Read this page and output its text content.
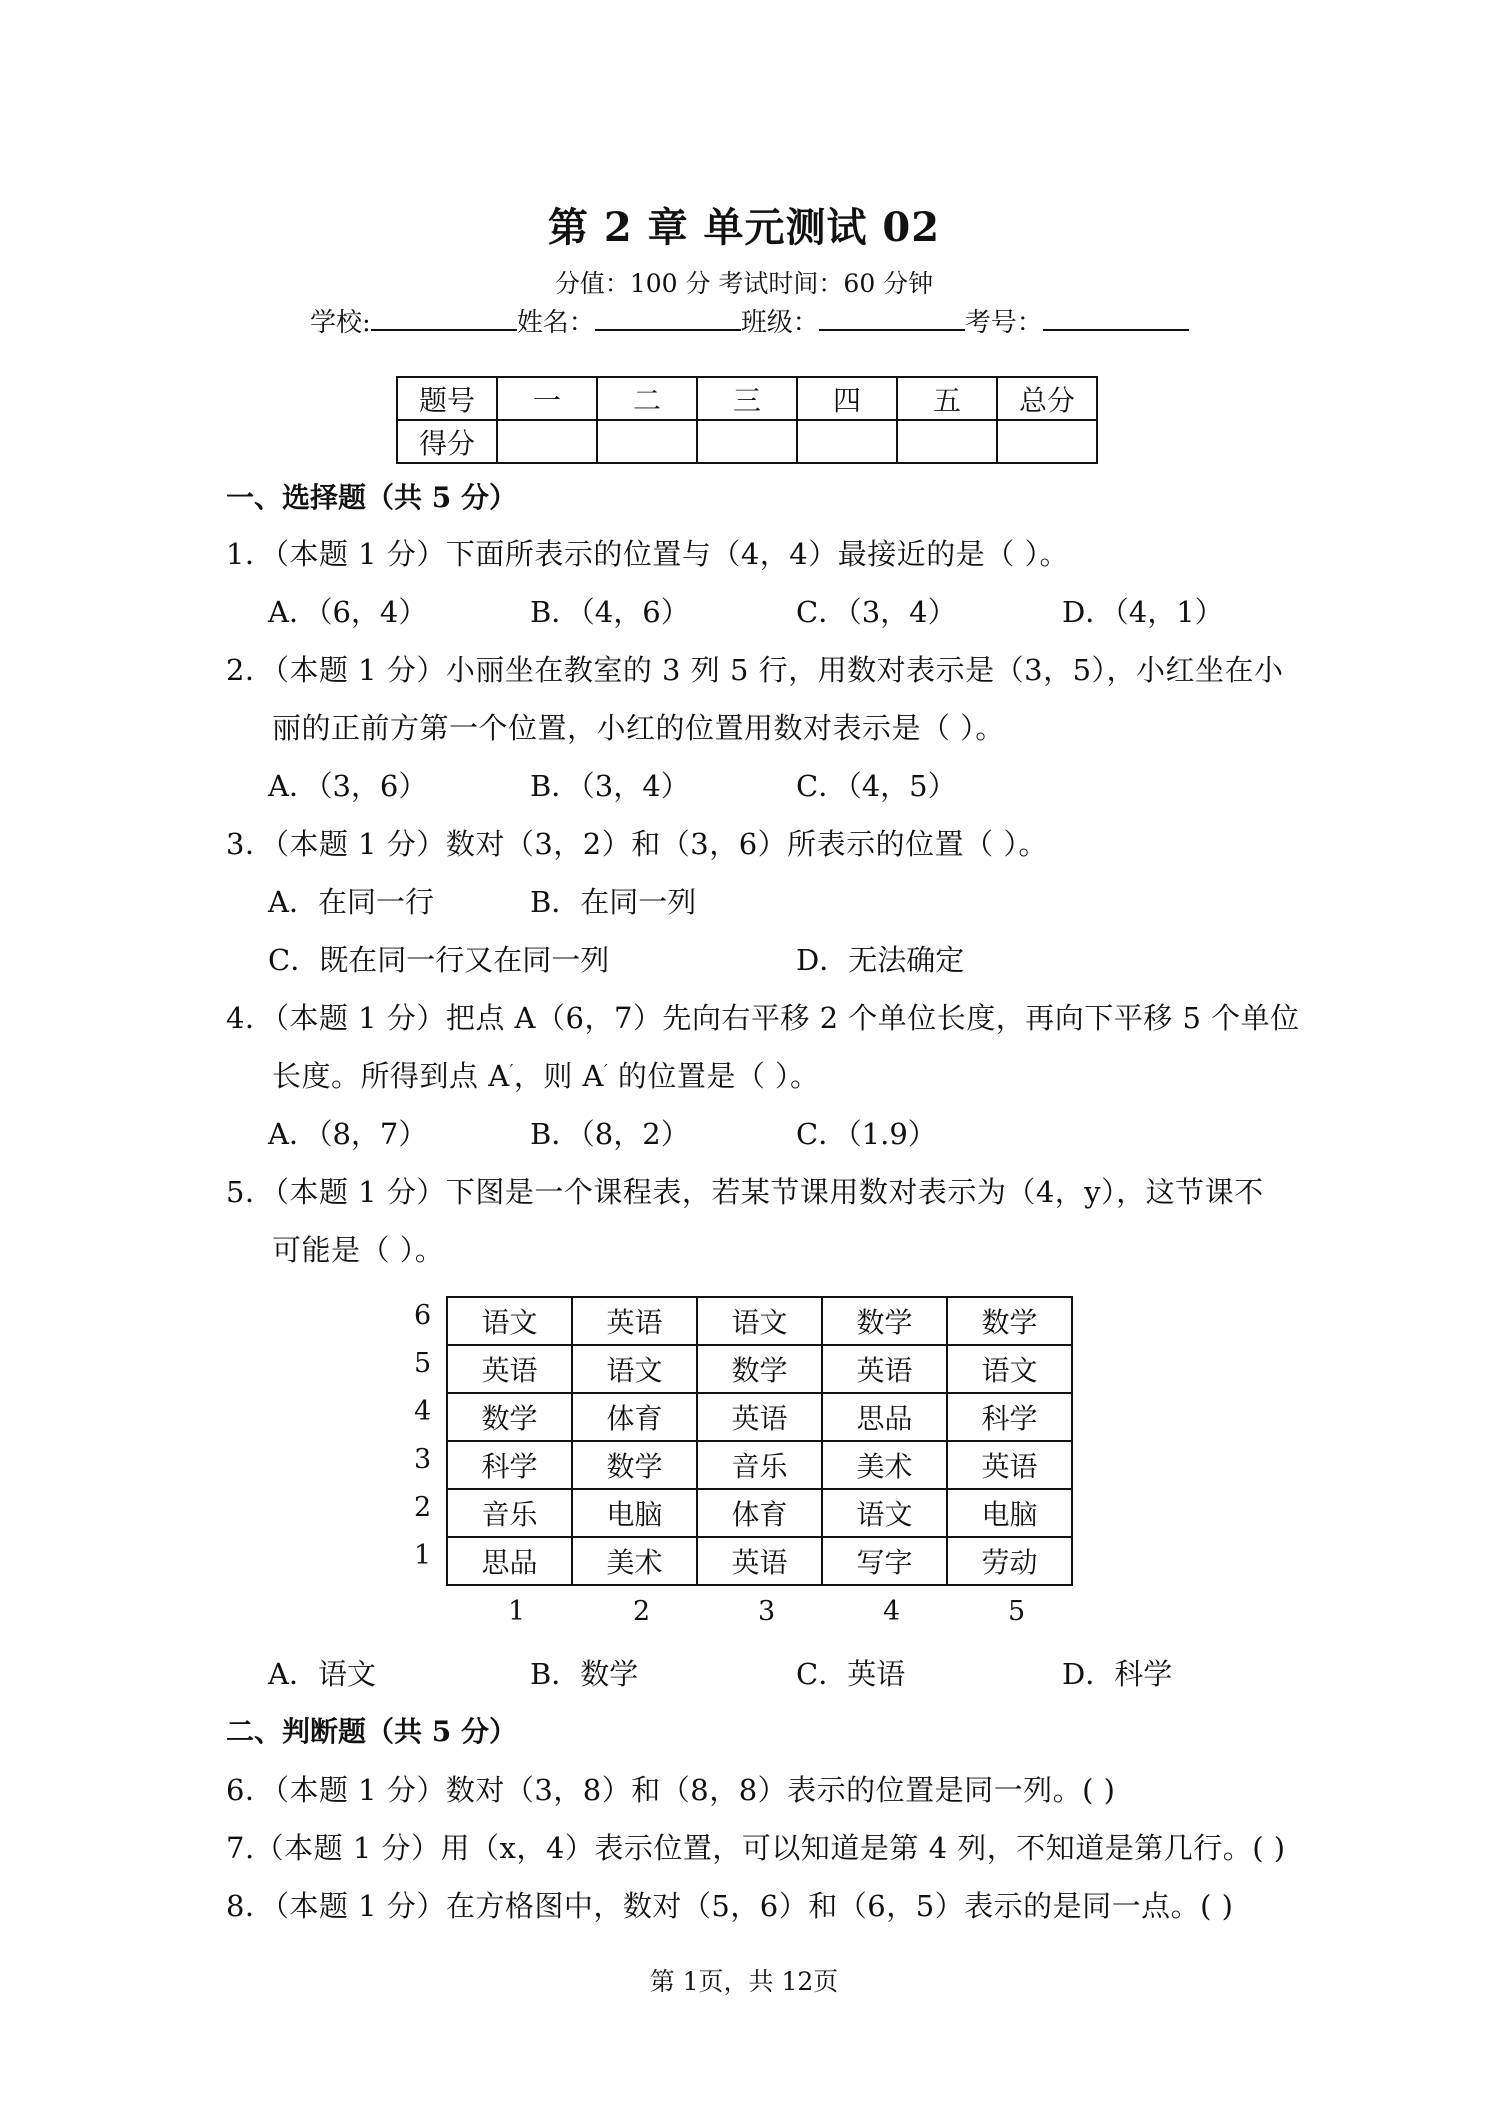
第 2 章 单元测试 02
分值：100 分 考试时间：60 分钟
学校:	姓名：	班级：	考号：
题号	一	二	三	四	五	总分
得分						
一、选择题（共 5 分）
1．（本题 1 分）下面所表示的位置与（4，4）最接近的是（ ）。
A．（6，4）	B．（4，6）	C．（3，4）	D．（4，1）
2．（本题 1 分）小丽坐在教室的 3 列 5 行，用数对表示是（3，5），小红坐在小
丽的正前方第一个位置，小红的位置用数对表示是（ ）。
A．（3，6）	B．（3，4）	C．（4，5）
3．（本题 1 分）数对（3，2）和（3，6）所表示的位置（ ）。
A．在同一行	B．在同一列
C．既在同一行又在同一列	D．无法确定
4．（本题 1 分）把点 A（6，7）先向右平移 2 个单位长度，再向下平移 5 个单位
长度。所得到点 A′，则 A′ 的位置是（ ）。
A．（8，7）	B．（8，2）	C．（1.9）
5．（本题 1 分）下图是一个课程表，若某节课用数对表示为（4，y），这节课不
可能是（ ）。
6
5
4
3
2
1
语文	英语	语文	数学	数学
英语	语文	数学	英语	语文
数学	体育	英语	思品	科学
科学	数学	音乐	美术	英语
音乐	电脑	体育	语文	电脑
思品	美术	英语	写字	劳动
1	2	3	4	5
A．语文	B．数学	C．英语	D．科学
二、判断题（共 5 分）
6．（本题 1 分）数对（3，8）和（8，8）表示的位置是同一列。( )
7.（本题 1 分）用（x，4）表示位置，可以知道是第 4 列，不知道是第几行。( )
8．（本题 1 分）在方格图中，数对（5，6）和（6，5）表示的是同一点。( )
第 1页，共 12页
